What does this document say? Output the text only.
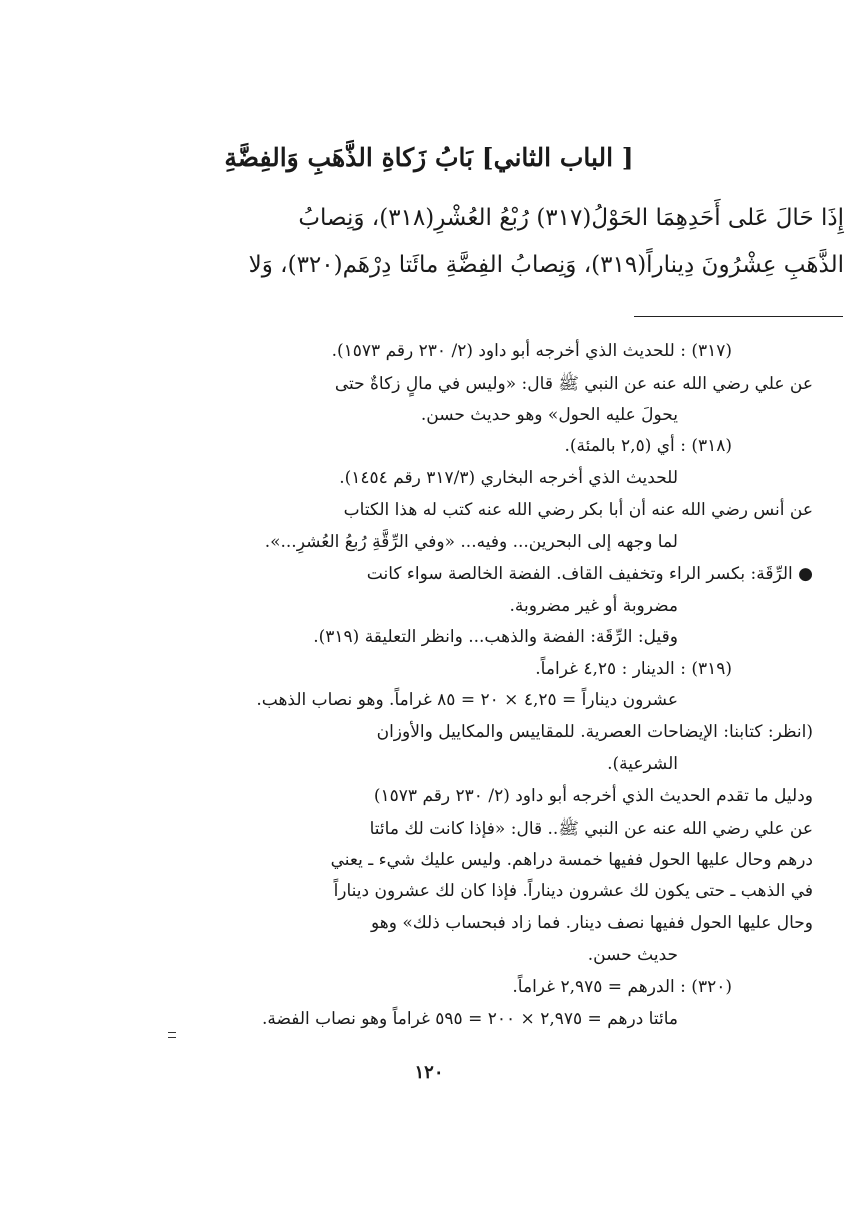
[ الباب الثاني] بَابُ زَكاةِ الذَّهَبِ وَالفِضَّةِ
إِذَا حَالَ عَلى أَحَدِهِمَا الحَوْلُ(٣١٧) رُبْعُ العُشْرِ(٣١٨)، وَنِصابُ
الذَّهَبِ عِشْرُونَ دِيناراً(٣١٩)، وَنِصابُ الفِضَّةِ مائَتا دِرْهَم(٣٢٠)، وَلا
(٣١٧) : للحديث الذي أخرجه أبو داود (٢/ ٢٣٠ رقم ١٥٧٣).
عن علي رضي الله عنه عن النبي ﷺ قال: «وليس في مالٍ زكاةٌ حتى
يحولَ عليه الحول» وهو حديث حسن.
(٣١٨) : أي (٢,٥ بالمئة).
للحديث الذي أخرجه البخاري (٣١٧/٣ رقم ١٤٥٤).
عن أنس رضي الله عنه أن أبا بكر رضي الله عنه كتب له هذا الكتاب
لما وجهه إلى البحرين... وفيه... «وفي الرِّقَّةِ رُبعُ العُشرِ...».
● الرِّقَة: بكسر الراء وتخفيف القاف. الفضة الخالصة سواء كانت
مضروبة أو غير مضروبة.
وقيل: الرِّقَة: الفضة والذهب... وانظر التعليقة (٣١٩).
(٣١٩) : الدينار : ٤,٢٥ غراماً.
عشرون ديناراً = ٤,٢٥ × ٢٠ = ٨٥ غراماً. وهو نصاب الذهب.
(انظر: كتابنا: الإيضاحات العصرية. للمقاييس والمكاييل والأوزان
الشرعية).
ودليل ما تقدم الحديث الذي أخرجه أبو داود (٢/ ٢٣٠ رقم ١٥٧٣)
عن علي رضي الله عنه عن النبي ﷺ.. قال: «فإذا كانت لك مائتا
درهم وحال عليها الحول ففيها خمسة دراهم. وليس عليك شيء ـ يعني
في الذهب ـ حتى يكون لك عشرون ديناراً. فإذا كان لك عشرون ديناراً
وحال عليها الحول ففيها نصف دينار. فما زاد فبحساب ذلك» وهو
حديث حسن.
(٣٢٠) : الدرهم = ٢,٩٧٥ غراماً.
مائتا درهم = ٢,٩٧٥ × ٢٠٠ = ٥٩٥ غراماً وهو نصاب الفضة.
١٢٠
